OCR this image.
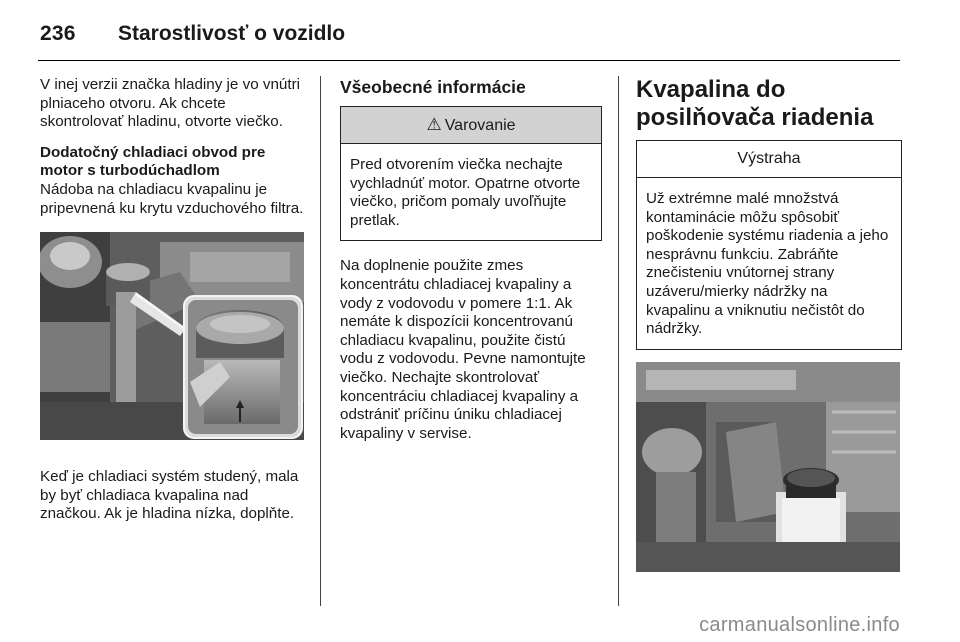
236 Starostlivosť o vozidlo

V inej verzii značka hladiny je vo vnútri plniaceho otvoru. Ak chcete skontrolovať hladinu, otvorte viečko.

Dodatočný chladiaci obvod pre motor s turbodúchadlom

Nádoba na chladiacu kvapalinu je pripevnená ku krytu vzduchového filtra.

Keď je chladiaci systém studený, mala by byť chladiaca kvapalina nad značkou. Ak je hladina nízka, doplňte.

Všeobecné informácie
⚠ Varovanie

Pred otvorením viečka nechajte vychladnúť motor. Opatrne otvorte viečko, pričom pomaly uvoľňujte pretlak.

Na doplnenie použite zmes koncentrátu chladiacej kvapaliny a vody z vodovodu v pomere 1:1. Ak nemáte k dispozícii koncentrovanú chladiacu kvapalinu, použite čistú vodu z vodovodu. Pevne namontujte viečko. Nechajte skontrolovať koncentráciu chladiacej kvapaliny a odstrániť príčinu úniku chladiacej kvapaliny v servise.

Kvapalina do posilňovača riadenia
Výstraha

Už extrémne malé množstvá kontaminácie môžu spôsobiť poškodenie systému riadenia a jeho nesprávnu funkciu. Zabráňte znečisteniu vnútornej strany uzáveru/mierky nádržky na kvapalinu a vniknutiu nečistôt do nádržky.

carmanualsonline.info
